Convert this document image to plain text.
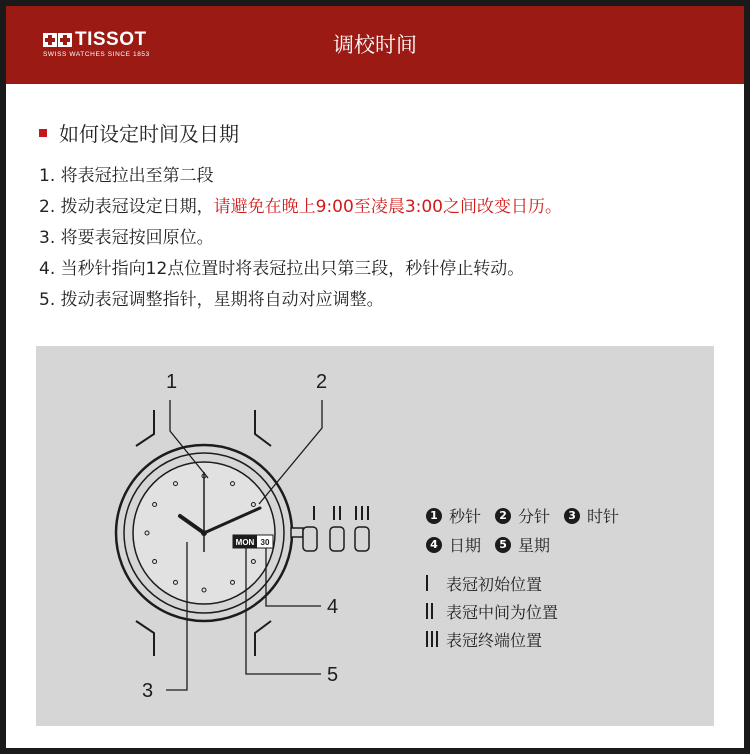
TISSOT
SWISS WATCHES SINCE 1853	调校时间
如何设定时间及日期
1. 将表冠拉出至第二段
2. 拨动表冠设定日期，请避免在晚上9:00至凌晨3:00之间改变日历。
3. 将要表冠按回原位。
4. 当秒针指向12点位置时将表冠拉出只第三段，秒针停止转动。
5. 拨动表冠调整指针，星期将自动对应调整。
MON 30
1	2
3
4
5
1 秒针	2 分针	3 时针
4 日期	5 星期
表冠初始位置
表冠中间为位置
表冠终端位置
